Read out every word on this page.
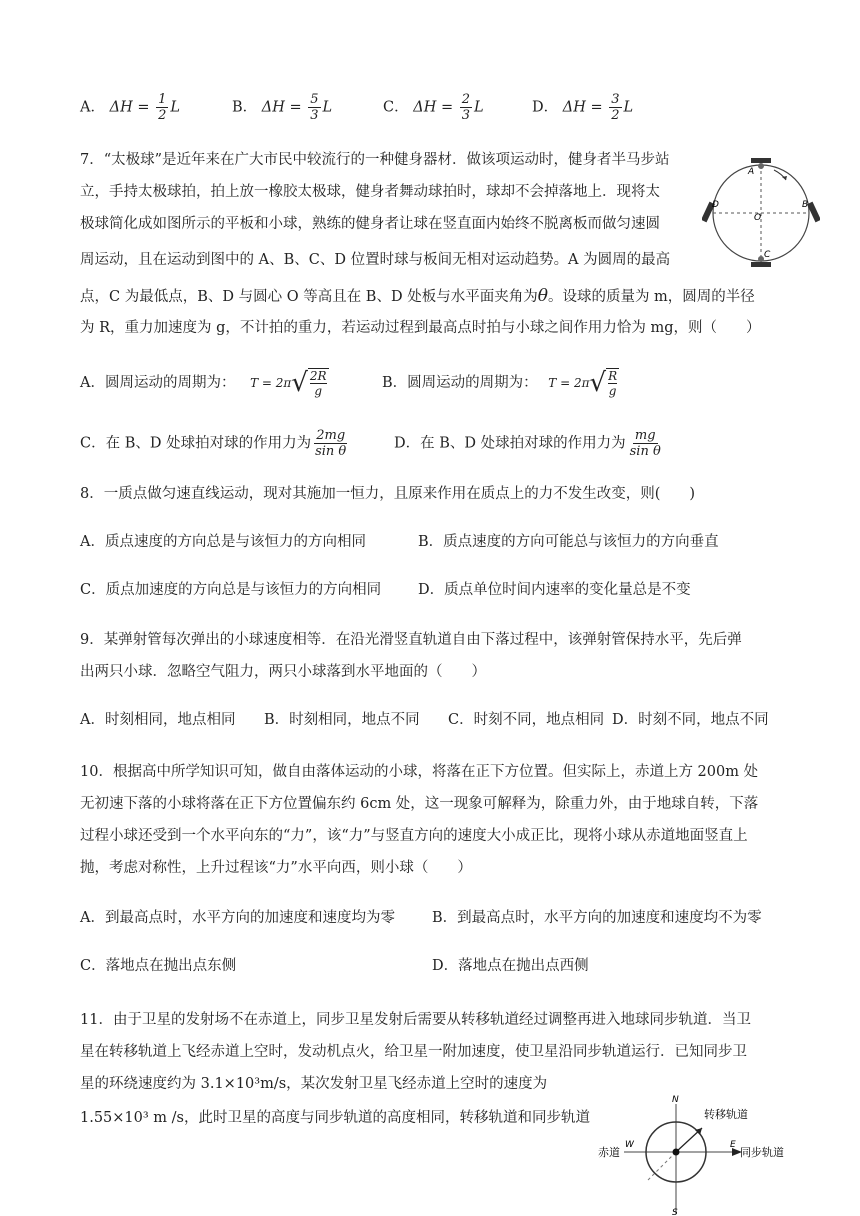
A． $\Delta H = \frac{1}{2}$ L	B． $\Delta H = \frac{5}{3}$ L	C． $\Delta H = \frac{2}{3}$ L	D． $\Delta H = \frac{3}{2}$ L
7．“太极球”是近年来在广大市民中较流行的一种健身器材．做该项运动时，健身者半马步站
立，手持太极球拍，拍上放一橡胶太极球，健身者舞动球拍时，球却不会掉落地上．现将太
极球简化成如图所示的平板和小球，熟练的健身者让球在竖直面内始终不脱离板而做匀速圆
周运动，且在运动到图中的 A、B、C、D 位置时球与板间无相对运动趋势。A 为圆周的最高
点，C 为最低点，B、D 与圆心 O 等高且在 B、D 处板与水平面夹角为θ。设球的质量为 m，圆周的半径
为 R，重力加速度为 g，不计拍的重力，若运动过程到最高点时拍与小球之间作用力恰为 mg，则（　　）
A
B
C
D
O
A．圆周运动的周期为： T = 2π √ $\frac{2R}{g}$	B．圆周运动的周期为： T = 2π √ $\frac{R}{g}$
C．在 B、D 处球拍对球的作用力为 $\frac{2mg}{\text{sin θ}}$	D．在 B、D 处球拍对球的作用力为 $\frac{mg}{\text{sin θ}}$
8．一质点做匀速直线运动，现对其施加一恒力，且原来作用在质点上的力不发生改变，则(　　)
A．质点速度的方向总是与该恒力的方向相同	B．质点速度的方向可能总与该恒力的方向垂直
C．质点加速度的方向总是与该恒力的方向相同	D．质点单位时间内速率的变化量总是不变
9．某弹射管每次弹出的小球速度相等．在沿光滑竖直轨道自由下落过程中，该弹射管保持水平，先后弹
出两只小球．忽略空气阻力，两只小球落到水平地面的（　　）
A．时刻相同，地点相同 B．时刻相同，地点不同 C．时刻不同，地点相同 D．时刻不同，地点不同
10．根据高中所学知识可知，做自由落体运动的小球，将落在正下方位置。但实际上，赤道上方 200m 处
无初速下落的小球将落在正下方位置偏东约 6cm 处，这一现象可解释为，除重力外，由于地球自转，下落
过程小球还受到一个水平向东的“力”，该“力”与竖直方向的速度大小成正比，现将小球从赤道地面竖直上
抛，考虑对称性，上升过程该“力”水平向西，则小球（　　）
A．到最高点时，水平方向的加速度和速度均为零	B．到最高点时，水平方向的加速度和速度均不为零
C．落地点在抛出点东侧	D．落地点在抛出点西侧
11．由于卫星的发射场不在赤道上，同步卫星发射后需要从转移轨道经过调整再进入地球同步轨道．当卫
星在转移轨道上飞经赤道上空时，发动机点火，给卫星一附加速度，使卫星沿同步轨道运行．已知同步卫
星的环绕速度约为 3.1×10³m/s，某次发射卫星飞经赤道上空时的速度为
1.55×10³ m /s，此时卫星的高度与同步轨道的高度相同，转移轨道和同步轨道
N
S
E
W
转移轨道
赤道	同步轨道
